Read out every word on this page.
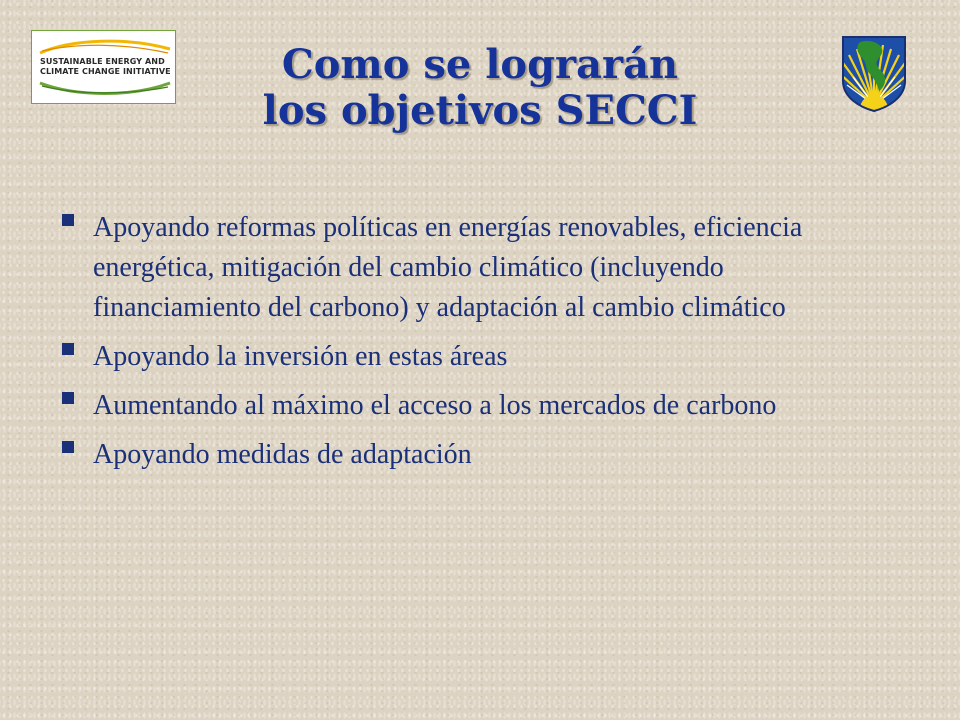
SUSTAINABLE ENERGY AND
CLIMATE CHANGE INITIATIVE	Como se lograrán
los objetivos SECCI
Apoyando reformas políticas en energías renovables, eficiencia energética, mitigación del cambio climático (incluyendo financiamiento del carbono) y adaptación al cambio climático
Apoyando la inversión en estas áreas
Aumentando al máximo el acceso a los mercados de carbono
Apoyando medidas de adaptación
